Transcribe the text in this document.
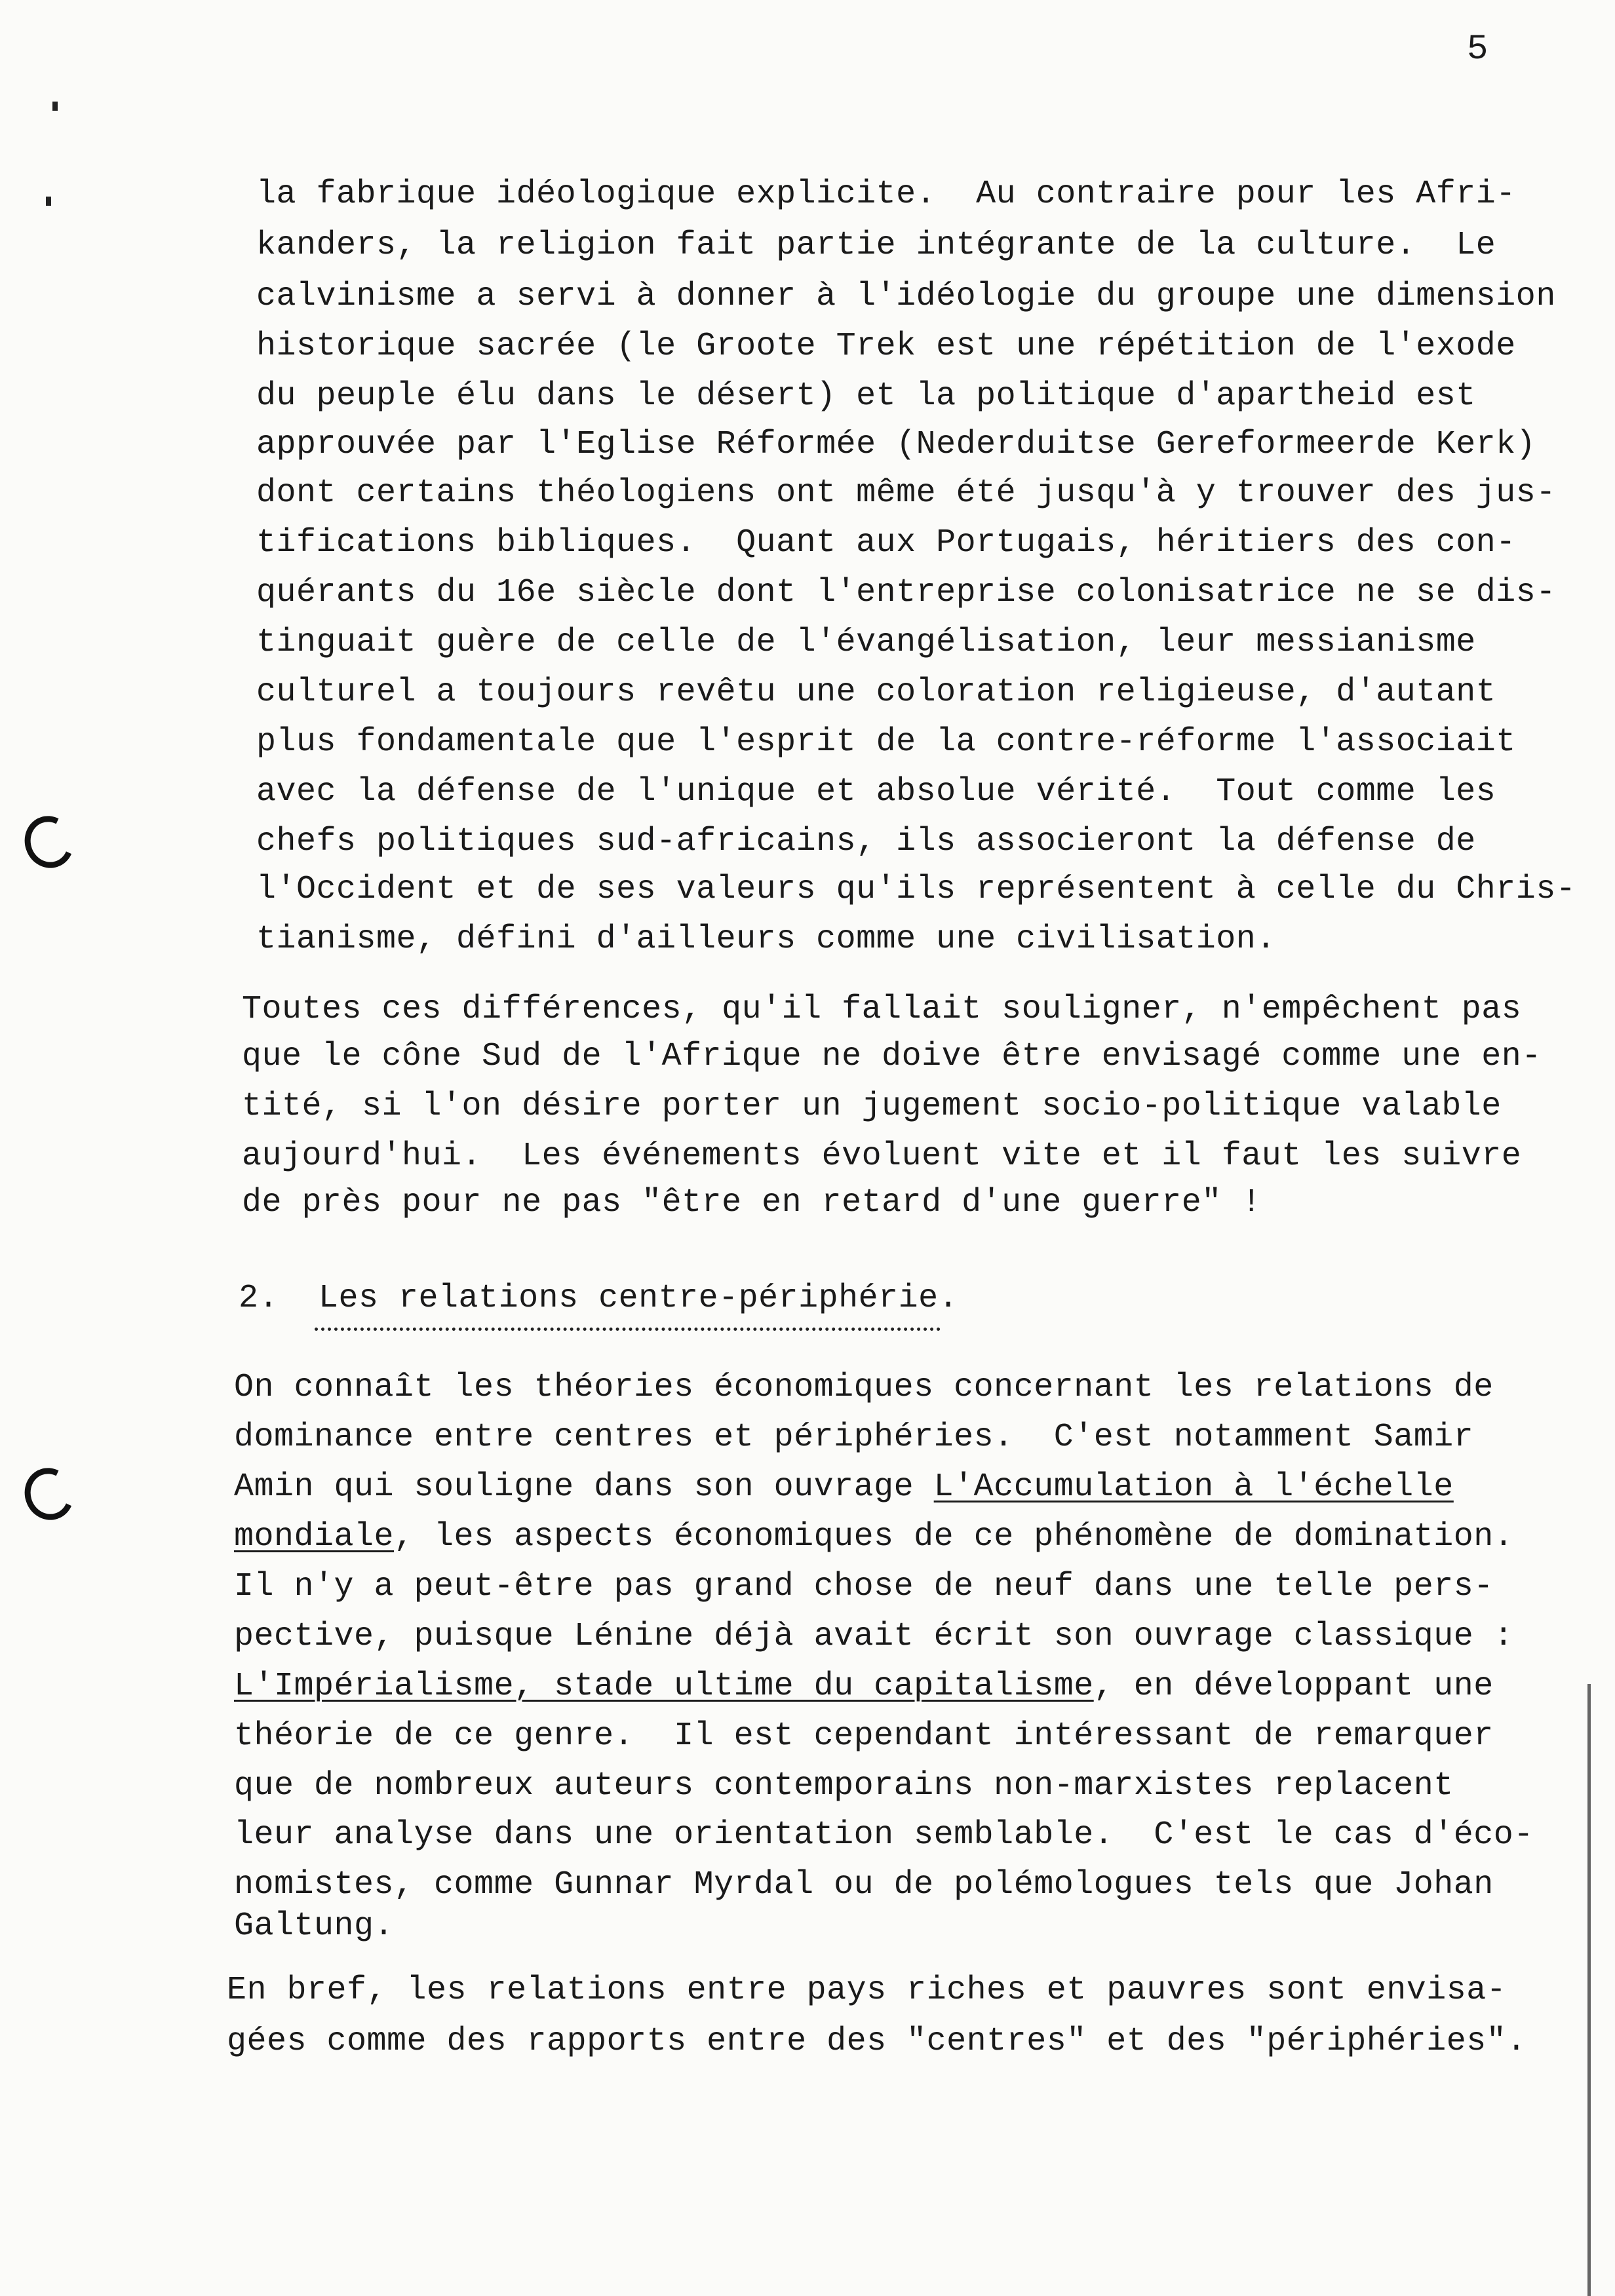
5
la fabrique idéologique explicite.  Au contraire pour les Afri-
kanders, la religion fait partie intégrante de la culture.  Le
calvinisme a servi à donner à l'idéologie du groupe une dimension
historique sacrée (le Groote Trek est une répétition de l'exode
du peuple élu dans le désert) et la politique d'apartheid est
approuvée par l'Eglise Réformée (Nederduitse Gereformeerde Kerk)
dont certains théologiens ont même été jusqu'à y trouver des jus-
tifications bibliques.  Quant aux Portugais, héritiers des con-
quérants du 16e siècle dont l'entreprise colonisatrice ne se dis-
tinguait guère de celle de l'évangélisation, leur messianisme
culturel a toujours revêtu une coloration religieuse, d'autant
plus fondamentale que l'esprit de la contre-réforme l'associait
avec la défense de l'unique et absolue vérité.  Tout comme les
chefs politiques sud-africains, ils associeront la défense de
l'Occident et de ses valeurs qu'ils représentent à celle du Chris-
tianisme, défini d'ailleurs comme une civilisation.
Toutes ces différences, qu'il fallait souligner, n'empêchent pas
que le cône Sud de l'Afrique ne doive être envisagé comme une en-
tité, si l'on désire porter un jugement socio-politique valable
aujourd'hui.  Les événements évoluent vite et il faut les suivre
de près pour ne pas "être en retard d'une guerre" !
2.  Les relations centre-périphérie.
On connaît les théories économiques concernant les relations de
dominance entre centres et périphéries.  C'est notamment Samir
Amin qui souligne dans son ouvrage L'Accumulation à l'échelle
mondiale, les aspects économiques de ce phénomène de domination.
Il n'y a peut-être pas grand chose de neuf dans une telle pers-
pective, puisque Lénine déjà avait écrit son ouvrage classique :
L'Impérialisme, stade ultime du capitalisme, en développant une
théorie de ce genre.  Il est cependant intéressant de remarquer
que de nombreux auteurs contemporains non-marxistes replacent
leur analyse dans une orientation semblable.  C'est le cas d'éco-
nomistes, comme Gunnar Myrdal ou de polémologues tels que Johan
Galtung.
En bref, les relations entre pays riches et pauvres sont envisa-
gées comme des rapports entre des "centres" et des "périphéries".
